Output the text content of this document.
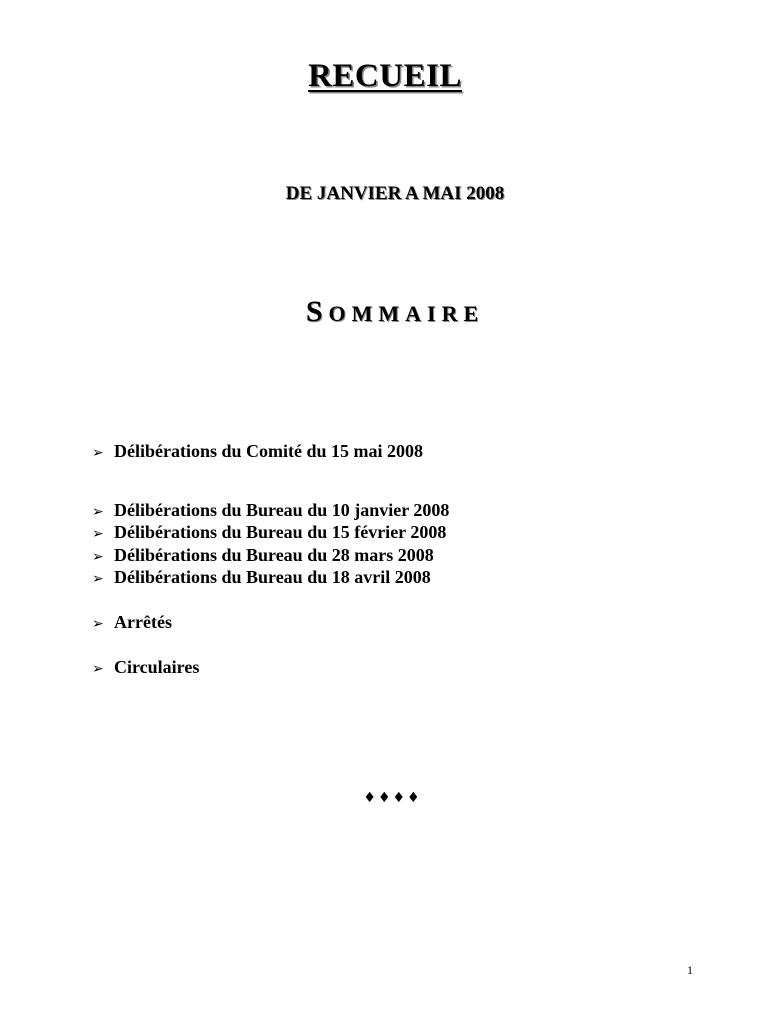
RECUEIL
DE JANVIER A MAI 2008
SOMMAIRE
➢ Délibérations du Comité du 15 mai 2008
➢ Délibérations du Bureau du 10 janvier 2008
➢ Délibérations du Bureau du 15 février 2008
➢ Délibérations du Bureau du 28 mars 2008
➢ Délibérations du Bureau du 18 avril 2008
➢ Arrêtés
➢ Circulaires
♦♦♦♦
1
